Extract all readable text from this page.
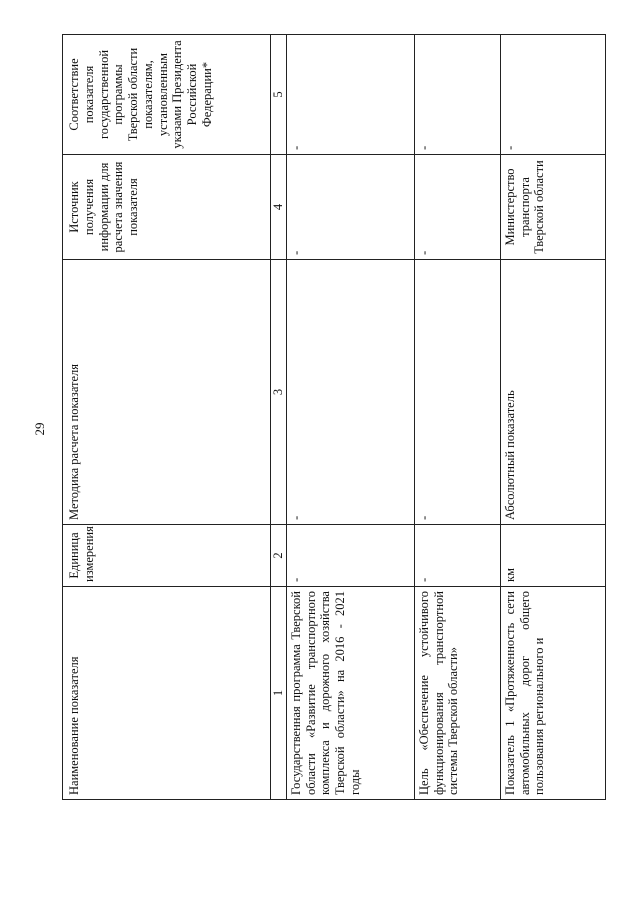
29
Наименование показателя	Единица измерения	Методика расчета показателя	Источник получения информации для расчета значения показателя	Соответствие показателя государственной программы Тверской области показателям, установленным указами Президента Российской Федерации*
1	2	3	4	5
Государственная программа Тверской области «Развитие транспортного комплекса и дорожного хозяйства Тверской области» на 2016 - 2021 годы	-	-	-	-
Цель «Обеспечение устойчивого функционирования транспортной системы Тверской области»	-	-	-	-
Показатель 1 «Протяженность сети автомобильных дорог общего пользования регионального и	км	Абсолютный показатель	Министерство транспорта Тверской области	-
